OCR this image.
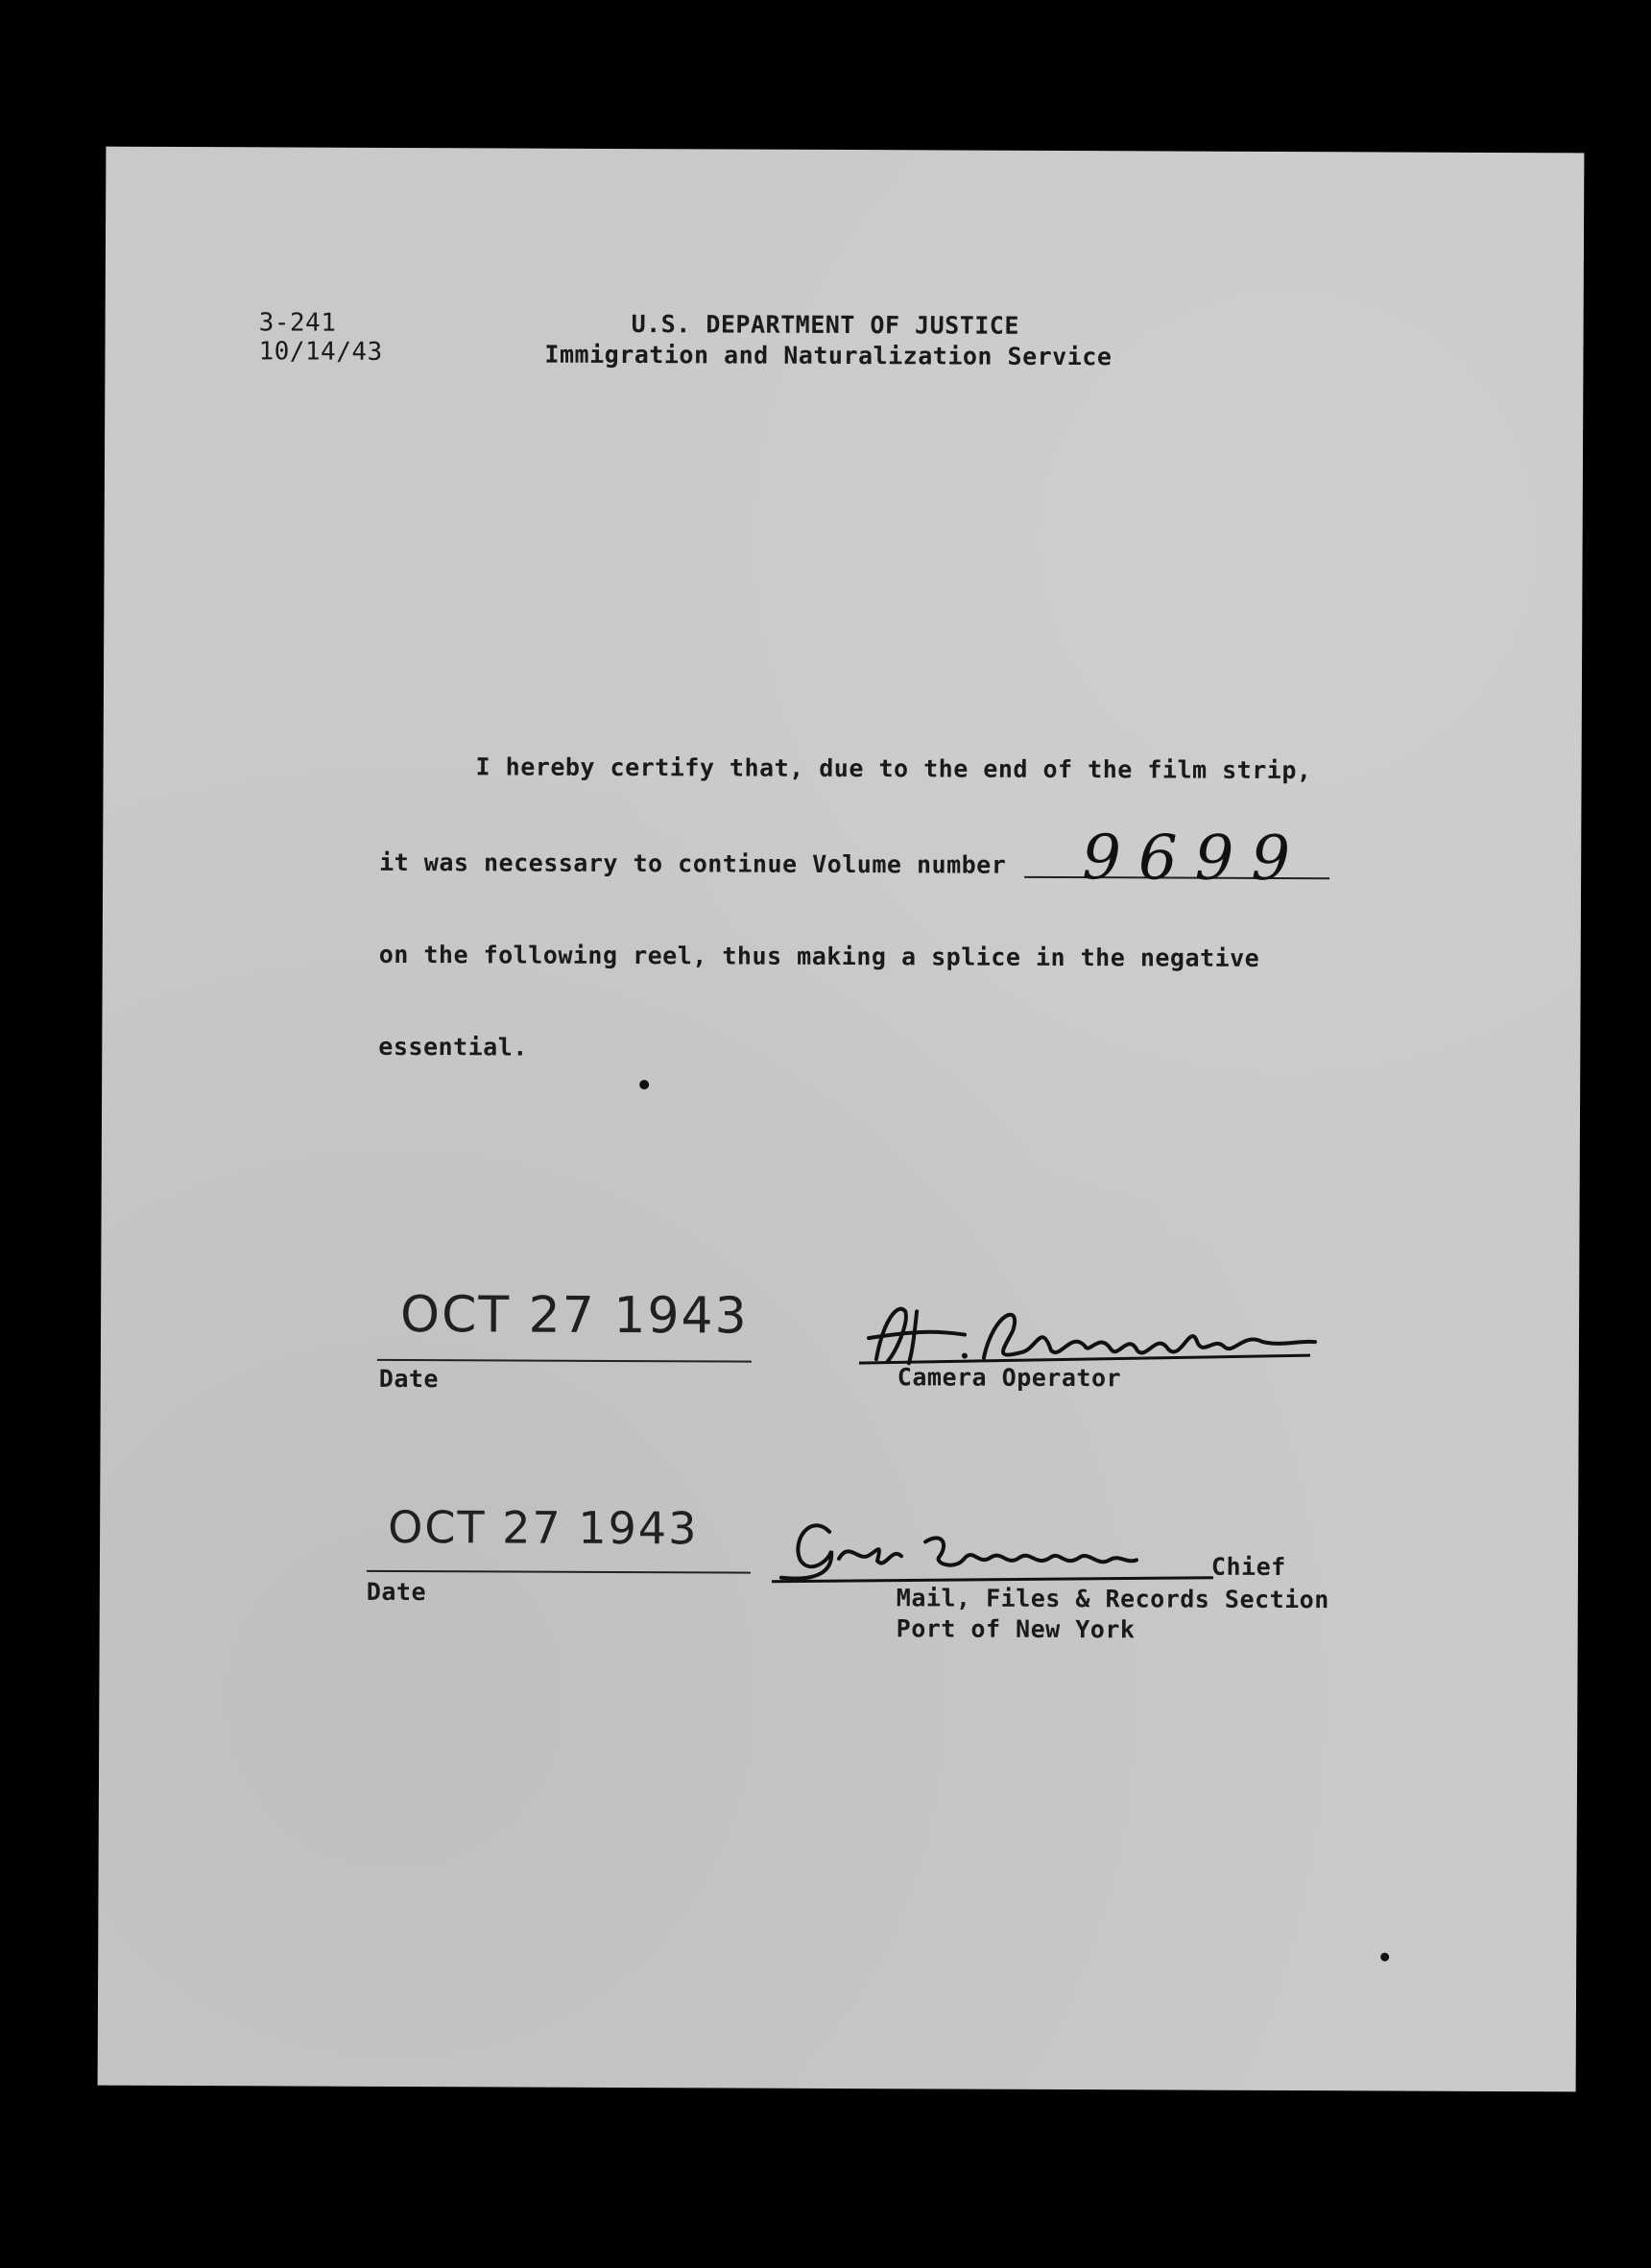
3-241
10/14/43
U.S. DEPARTMENT OF JUSTICE
Immigration and Naturalization Service
I hereby certify that, due to the end of the film strip,
it was necessary to continue Volume number 9699
on the following reel, thus making a splice in the negative
essential.
OCT 27 1943
Date	Camera Operator
OCT 27 1943
Date
Chief
Mail, Files & Records Section
Port of New York
